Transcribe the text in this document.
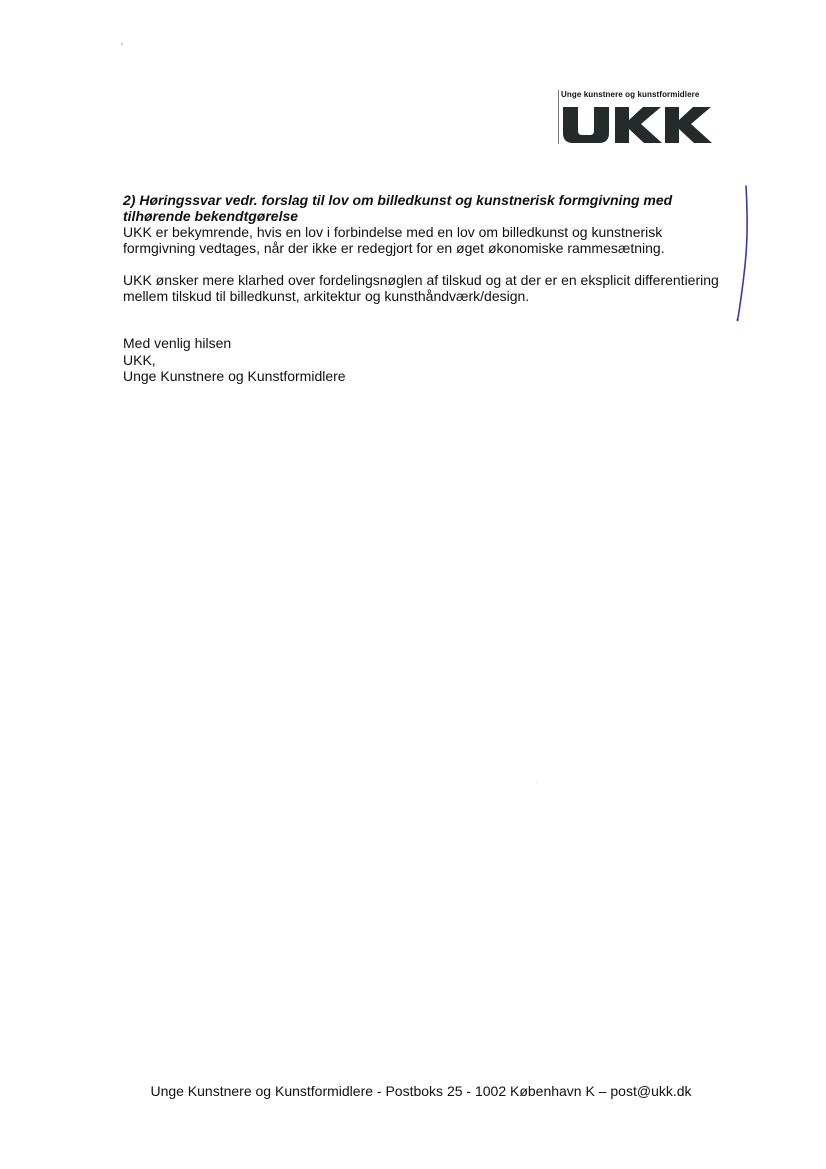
Unge kunstnere og kunstformidlere
2) Høringssvar vedr. forslag til lov om billedkunst og kunstnerisk formgivning med
tilhørende bekendtgørelse
UKK er bekymrende, hvis en lov i forbindelse med en lov om billedkunst og kunstnerisk
formgivning vedtages, når der ikke er redegjort for en øget økonomiske rammesætning.
UKK ønsker mere klarhed over fordelingsnøglen af tilskud og at der er en eksplicit differentiering
mellem tilskud til billedkunst, arkitektur og kunsthåndværk/design.
Med venlig hilsen
UKK,
Unge Kunstnere og Kunstformidlere
Unge Kunstnere og Kunstformidlere - Postboks 25 - 1002 København K – post@ukk.dk
